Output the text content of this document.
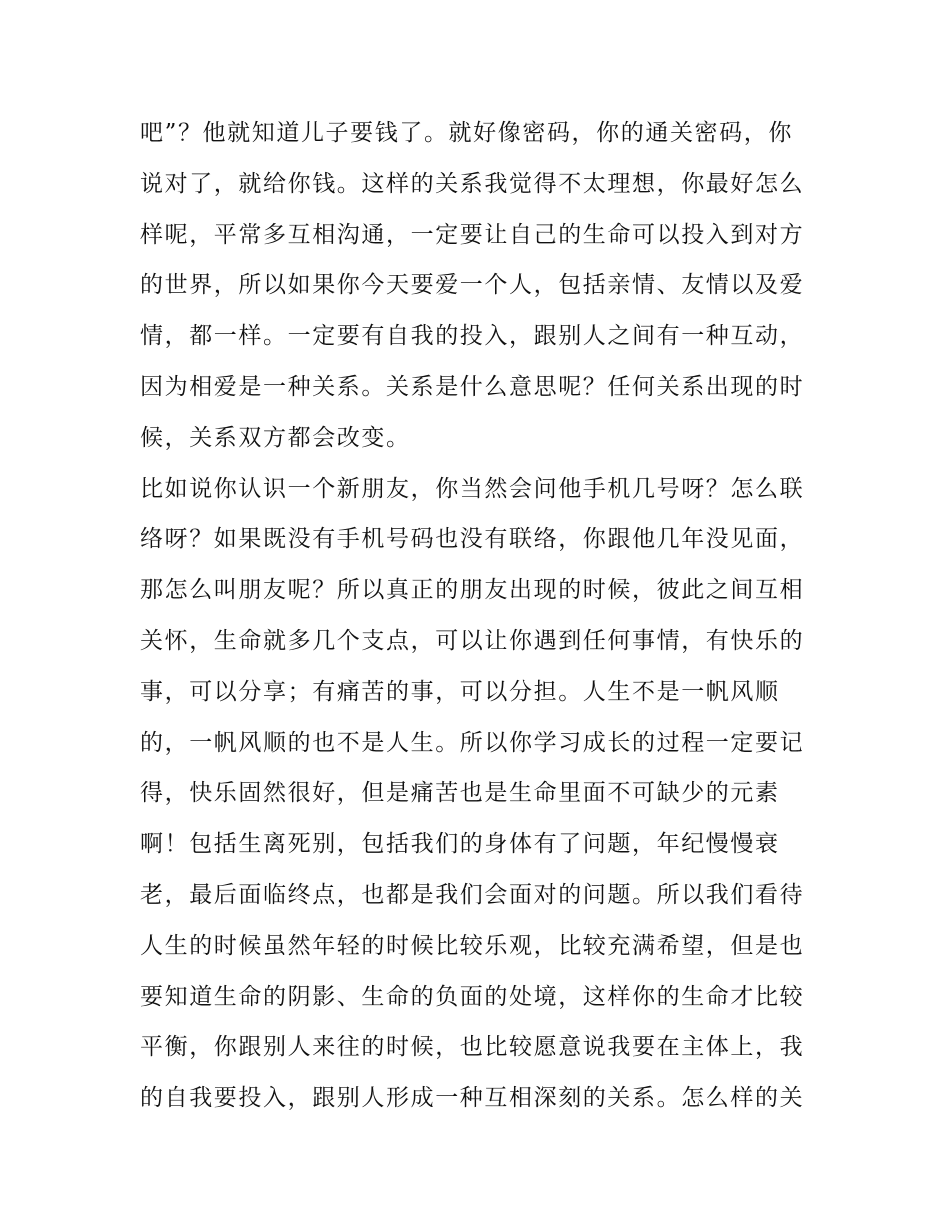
吧”？他就知道儿子要钱了。就好像密码，你的通关密码，你
说对了，就给你钱。这样的关系我觉得不太理想，你最好怎么
样呢，平常多互相沟通，一定要让自己的生命可以投入到对方
的世界，所以如果你今天要爱一个人，包括亲情、友情以及爱
情，都一样。一定要有自我的投入，跟别人之间有一种互动，
因为相爱是一种关系。关系是什么意思呢？任何关系出现的时
候，关系双方都会改变。
比如说你认识一个新朋友，你当然会问他手机几号呀？怎么联
络呀？如果既没有手机号码也没有联络，你跟他几年没见面，
那怎么叫朋友呢？所以真正的朋友出现的时候，彼此之间互相
关怀，生命就多几个支点，可以让你遇到任何事情，有快乐的
事，可以分享；有痛苦的事，可以分担。人生不是一帆风顺
的，一帆风顺的也不是人生。所以你学习成长的过程一定要记
得，快乐固然很好，但是痛苦也是生命里面不可缺少的元素
啊！包括生离死别，包括我们的身体有了问题，年纪慢慢衰
老，最后面临终点，也都是我们会面对的问题。所以我们看待
人生的时候虽然年轻的时候比较乐观，比较充满希望，但是也
要知道生命的阴影、生命的负面的处境，这样你的生命才比较
平衡，你跟别人来往的时候，也比较愿意说我要在主体上，我
的自我要投入，跟别人形成一种互相深刻的关系。怎么样的关
